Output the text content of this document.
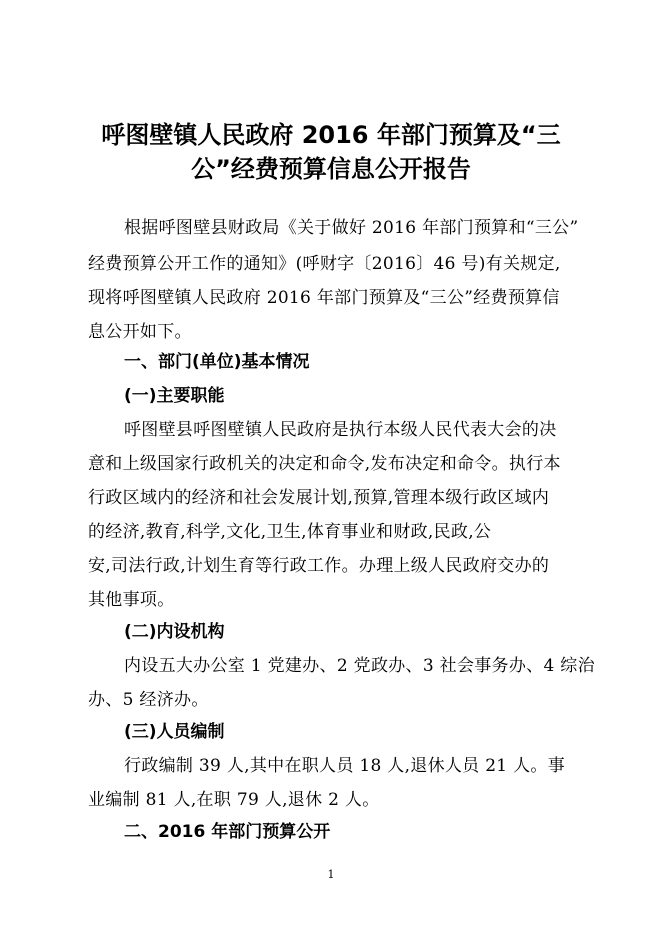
呼图壁镇人民政府 2016 年部门预算及“三
公”经费预算信息公开报告

根据呼图壁县财政局《关于做好 2016 年部门预算和“三公”

经费预算公开工作的通知》(呼财字〔2016〕46 号)有关规定,

现将呼图壁镇人民政府 2016 年部门预算及“三公”经费预算信

息公开如下。

一、部门(单位)基本情况

(一)主要职能

呼图壁县呼图壁镇人民政府是执行本级人民代表大会的决

意和上级国家行政机关的决定和命令,发布决定和命令。执行本

行政区域内的经济和社会发展计划,预算,管理本级行政区域内

的经济,教育,科学,文化,卫生,体育事业和财政,民政,公

安,司法行政,计划生育等行政工作。办理上级人民政府交办的

其他事项。

(二)内设机构

内设五大办公室 1 党建办、2 党政办、3 社会事务办、4 综治

办、5 经济办。

(三)人员编制

行政编制 39 人,其中在职人员 18 人,退休人员 21 人。事

业编制 81 人,在职 79 人,退休 2 人。

二、2016 年部门预算公开

1
